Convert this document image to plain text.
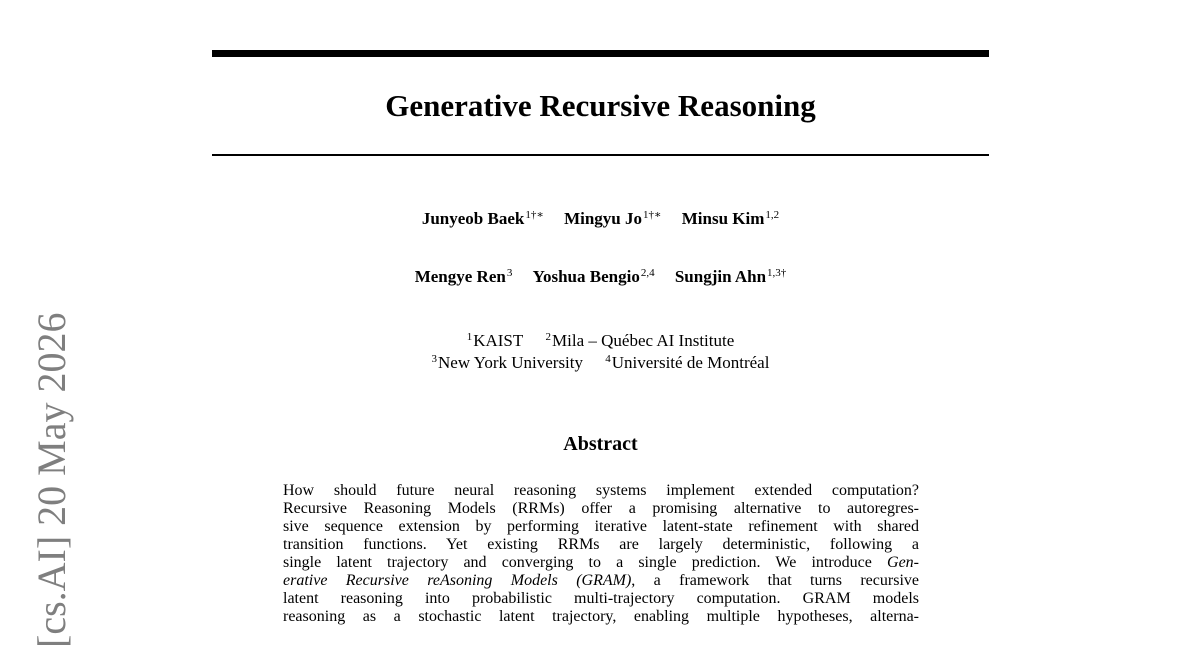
Generative Recursive Reasoning
Junyeob Baek$^{1\dagger∗}$ Mingyu $Jo^{1\dagger∗}$ Minsu Kim$^{1,2}$
Mengye Ren$^3$ Yoshua Bengio$^{2,4}$ Sungjin Ahn$^{1,3\dagger}$
$^1$KAIST $^2$Mila – Québec AI Institute
$^3$New York University $^4$Université de Montréal
Abstract
How should future neural reasoning systems implement extended computation?
Recursive Reasoning Models (RRMs) offer a promising alternative to autoregres-
sive sequence extension by performing iterative latent-state refinement with shared
transition functions. Yet existing RRMs are largely deterministic, following a
single latent trajectory and converging to a single prediction. We introduce Gen-
erative Recursive reAsoning Models (GRAM), a framework that turns recursive
latent reasoning into probabilistic multi-trajectory computation. GRAM models
reasoning as a stochastic latent trajectory, enabling multiple hypotheses, alterna-
[cs.AI] 20 May 2026
